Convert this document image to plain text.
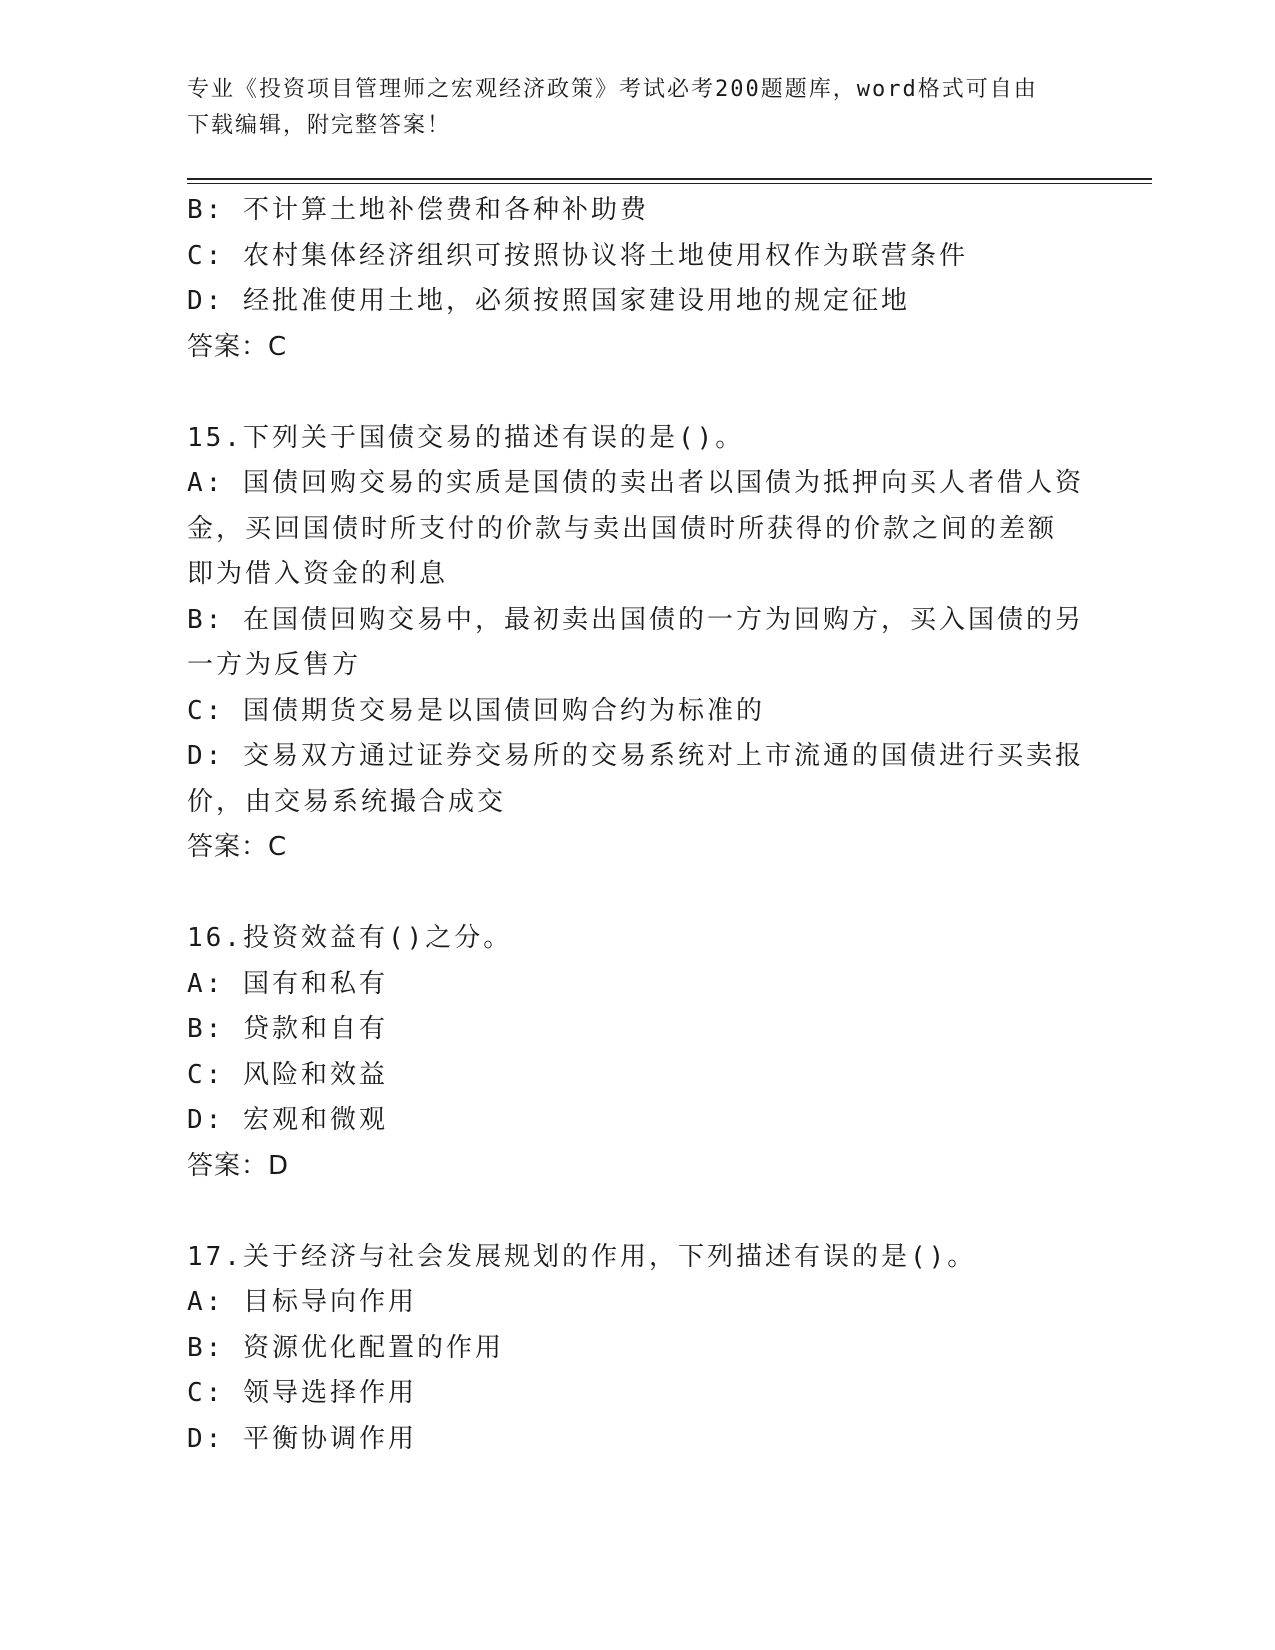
专业《投资项目管理师之宏观经济政策》考试必考200题题库，word格式可自由
下载编辑，附完整答案！
B: 不计算土地补偿费和各种补助费
C: 农村集体经济组织可按照协议将土地使用权作为联营条件
D: 经批准使用土地，必须按照国家建设用地的规定征地
答案：C
15.下列关于国债交易的描述有误的是()。
A: 国债回购交易的实质是国债的卖出者以国债为抵押向买人者借人资
金，买回国债时所支付的价款与卖出国债时所获得的价款之间的差额
即为借入资金的利息
B: 在国债回购交易中，最初卖出国债的一方为回购方，买入国债的另
一方为反售方
C: 国债期货交易是以国债回购合约为标准的
D: 交易双方通过证券交易所的交易系统对上市流通的国债进行买卖报
价，由交易系统撮合成交
答案：C
16.投资效益有()之分。
A: 国有和私有
B: 贷款和自有
C: 风险和效益
D: 宏观和微观
答案：D
17.关于经济与社会发展规划的作用，下列描述有误的是()。
A: 目标导向作用
B: 资源优化配置的作用
C: 领导选择作用
D: 平衡协调作用
